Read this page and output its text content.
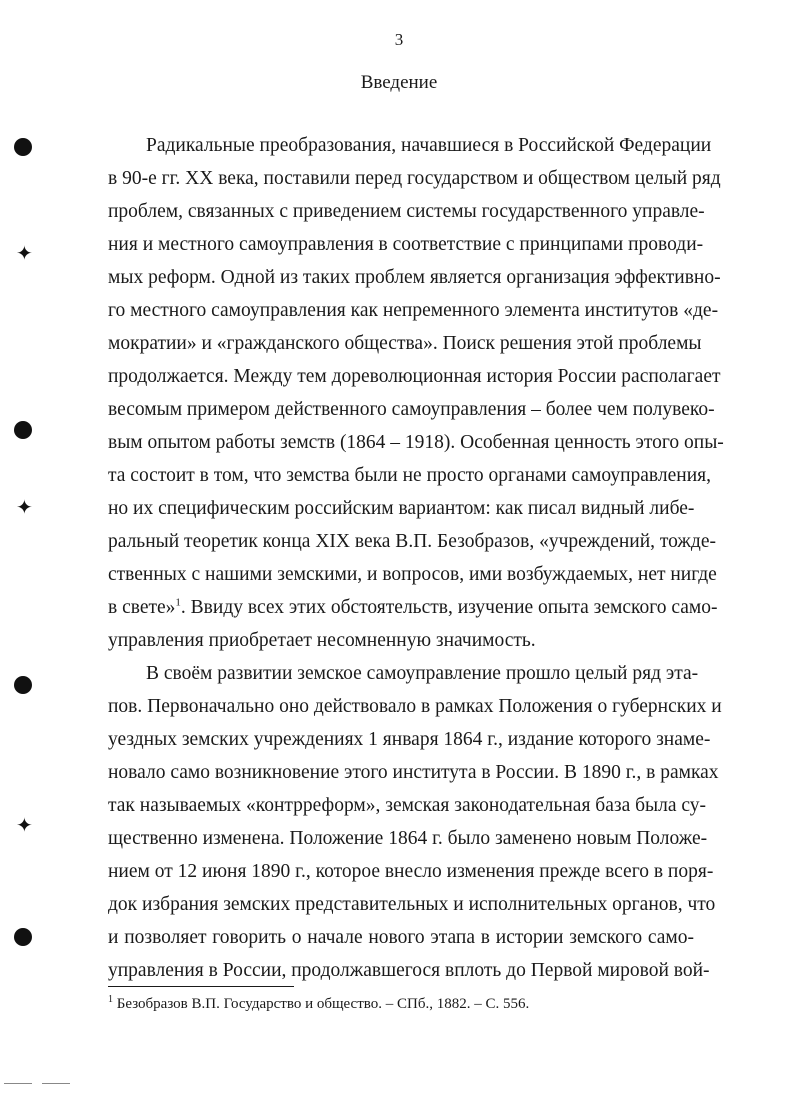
3
Введение
Радикальные преобразования, начавшиеся в Российской Федерации
в 90-е гг. XX века, поставили перед государством и обществом целый ряд
проблем, связанных с приведением системы государственного управле-
ния и местного самоуправления в соответствие с принципами проводи-
мых реформ. Одной из таких проблем является организация эффективно-
го местного самоуправления как непременного элемента институтов «де-
мократии» и «гражданского общества». Поиск решения этой проблемы
продолжается. Между тем дореволюционная история России располагает
весомым примером действенного самоуправления – более чем полувеко-
вым опытом работы земств (1864 – 1918). Особенная ценность этого опы-
та состоит в том, что земства были не просто органами самоуправления,
но их специфическим российским вариантом: как писал видный либе-
ральный теоретик конца XIX века В.П. Безобразов, «учреждений, тожде-
ственных с нашими земскими, и вопросов, ими возбуждаемых, нет нигде
в свете»$^1$. Ввиду всех этих обстоятельств, изучение опыта земского само-
управления приобретает несомненную значимость.
В своём развитии земское самоуправление прошло целый ряд эта-
пов. Первоначально оно действовало в рамках Положения о губернских и
уездных земских учреждениях 1 января 1864 г., издание которого знаме-
новало само возникновение этого института в России. В 1890 г., в рамках
так называемых «контрреформ», земская законодательная база была су-
щественно изменена. Положение 1864 г. было заменено новым Положе-
нием от 12 июня 1890 г., которое внесло изменения прежде всего в поря-
док избрания земских представительных и исполнительных органов, что
и позволяет говорить о начале нового этапа в истории земского само-
управления в России, продолжавшегося вплоть до Первой мировой вой-
$^1$ Безобразов В.П. Государство и общество. – СПб., 1882. – С. 556.
✦
✦
✦
